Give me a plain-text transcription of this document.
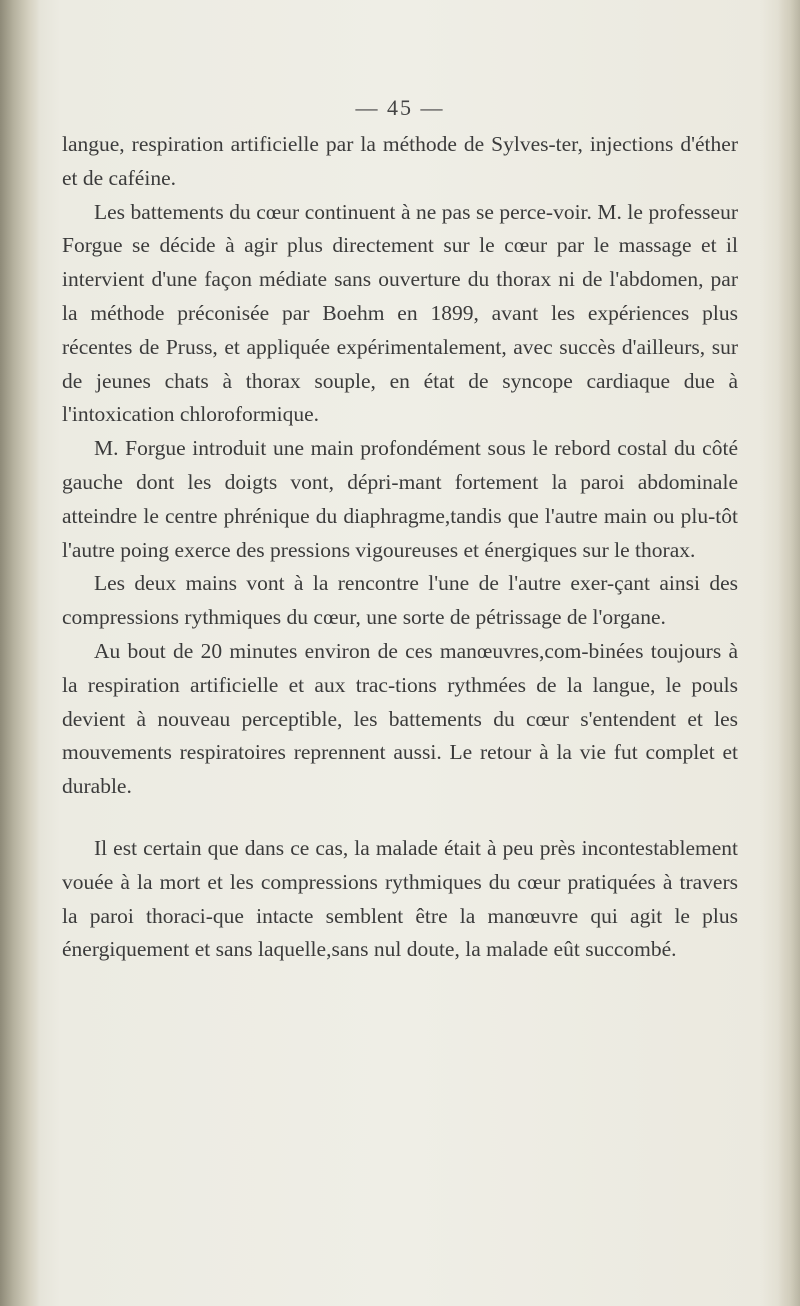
— 45 —

langue, respiration artificielle par la méthode de Sylves-ter, injections d'éther et de caféine.

Les battements du cœur continuent à ne pas se perce-voir. M. le professeur Forgue se décide à agir plus directement sur le cœur par le massage et il intervient d'une façon médiate sans ouverture du thorax ni de l'abdomen, par la méthode préconisée par Boehm en 1899, avant les expériences plus récentes de Pruss, et appliquée expérimentalement, avec succès d'ailleurs, sur de jeunes chats à thorax souple, en état de syncope cardiaque due à l'intoxication chloroformique.

M. Forgue introduit une main profondément sous le rebord costal du côté gauche dont les doigts vont, dépri-mant fortement la paroi abdominale atteindre le centre phrénique du diaphragme,tandis que l'autre main ou plu-tôt l'autre poing exerce des pressions vigoureuses et énergiques sur le thorax.

Les deux mains vont à la rencontre l'une de l'autre exer-çant ainsi des compressions rythmiques du cœur, une sorte de pétrissage de l'organe.

Au bout de 20 minutes environ de ces manœuvres,com-binées toujours à la respiration artificielle et aux trac-tions rythmées de la langue, le pouls devient à nouveau perceptible, les battements du cœur s'entendent et les mouvements respiratoires reprennent aussi. Le retour à la vie fut complet et durable.

Il est certain que dans ce cas, la malade était à peu près incontestablement vouée à la mort et les compressions rythmiques du cœur pratiquées à travers la paroi thoraci-que intacte semblent être la manœuvre qui agit le plus énergiquement et sans laquelle,sans nul doute, la malade eût succombé.
